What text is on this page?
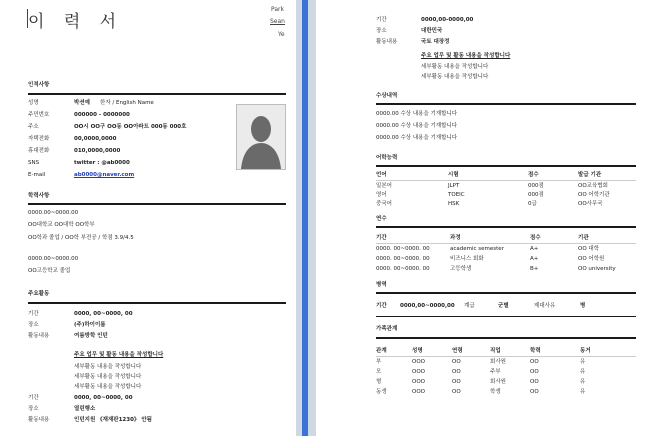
이 력 서
Park
Sean
Ye
인적사항
성명	박션예 한자 / English Name
주민번호	000000 - 0000000
주소	OO시 OO구 OO동 OO아파트 000동 000호
자택전화	00,0000,0000
휴대전화	010,0000,0000
SNS	twitter : @ab0000
E-mail	ab0000@naver.com
학력사항
0000.00~0000.00
OO대학교 OO대학 OO학부
OO학과 졸업 / OO학 부전공 / 학점 3.9/4.5
0000.00~0000.00
OO고등학교 졸업
주요활동
기간	0000, 00~0000, 00
장소	(주)하이이룸
활동내용	여름방학 인턴
주요 업무 및 활동 내용을 작성합니다
세부활동 내용을 작성합니다
세부활동 내용을 작성합니다
세부활동 내용을 작성합니다
기간	0000, 00~0000, 00
장소	열린행소
활동내용	인턴지원 《재재판1230》 안됨
기간	0000,00-0000,00
장소	대한민국
활동내용	국토 대장정
주요 업무 및 활동 내용을 작성합니다
세부활동 내용을 작성합니다
세부활동 내용을 작성합니다
수상내역
0000.00 수상 내용을 기재합니다
0000.00 수상 내용을 기재합니다
0000.00 수상 내용을 기재합니다
어학능력
언어	시험	점수	발급 기관
일본어	JLPT	000점	OO교육협회
영어	TOEIC	000점	OO 어학기관
중국어	HSK	0급	OO사무국
연수
기간	과정	점수	기관
0000. 00~0000. 00	academic semester	A+	OO 대학
0000. 00~0000. 00	비즈니스 회화	A+	OO 어학원
0000. 00~0000. 00	고등학생	B+	OO university
병역
기간 0000,00~0000,00 계급	군별	제대사유	병
가족관계
관계	성명	연령	직업	학력	동거
부	OOO	OO	회사원	OO	유
모	OOO	OO	주부	OO	유
형	OOO	OO	회사원	OO	유
동생	OOO	OO	학생	OO	유
